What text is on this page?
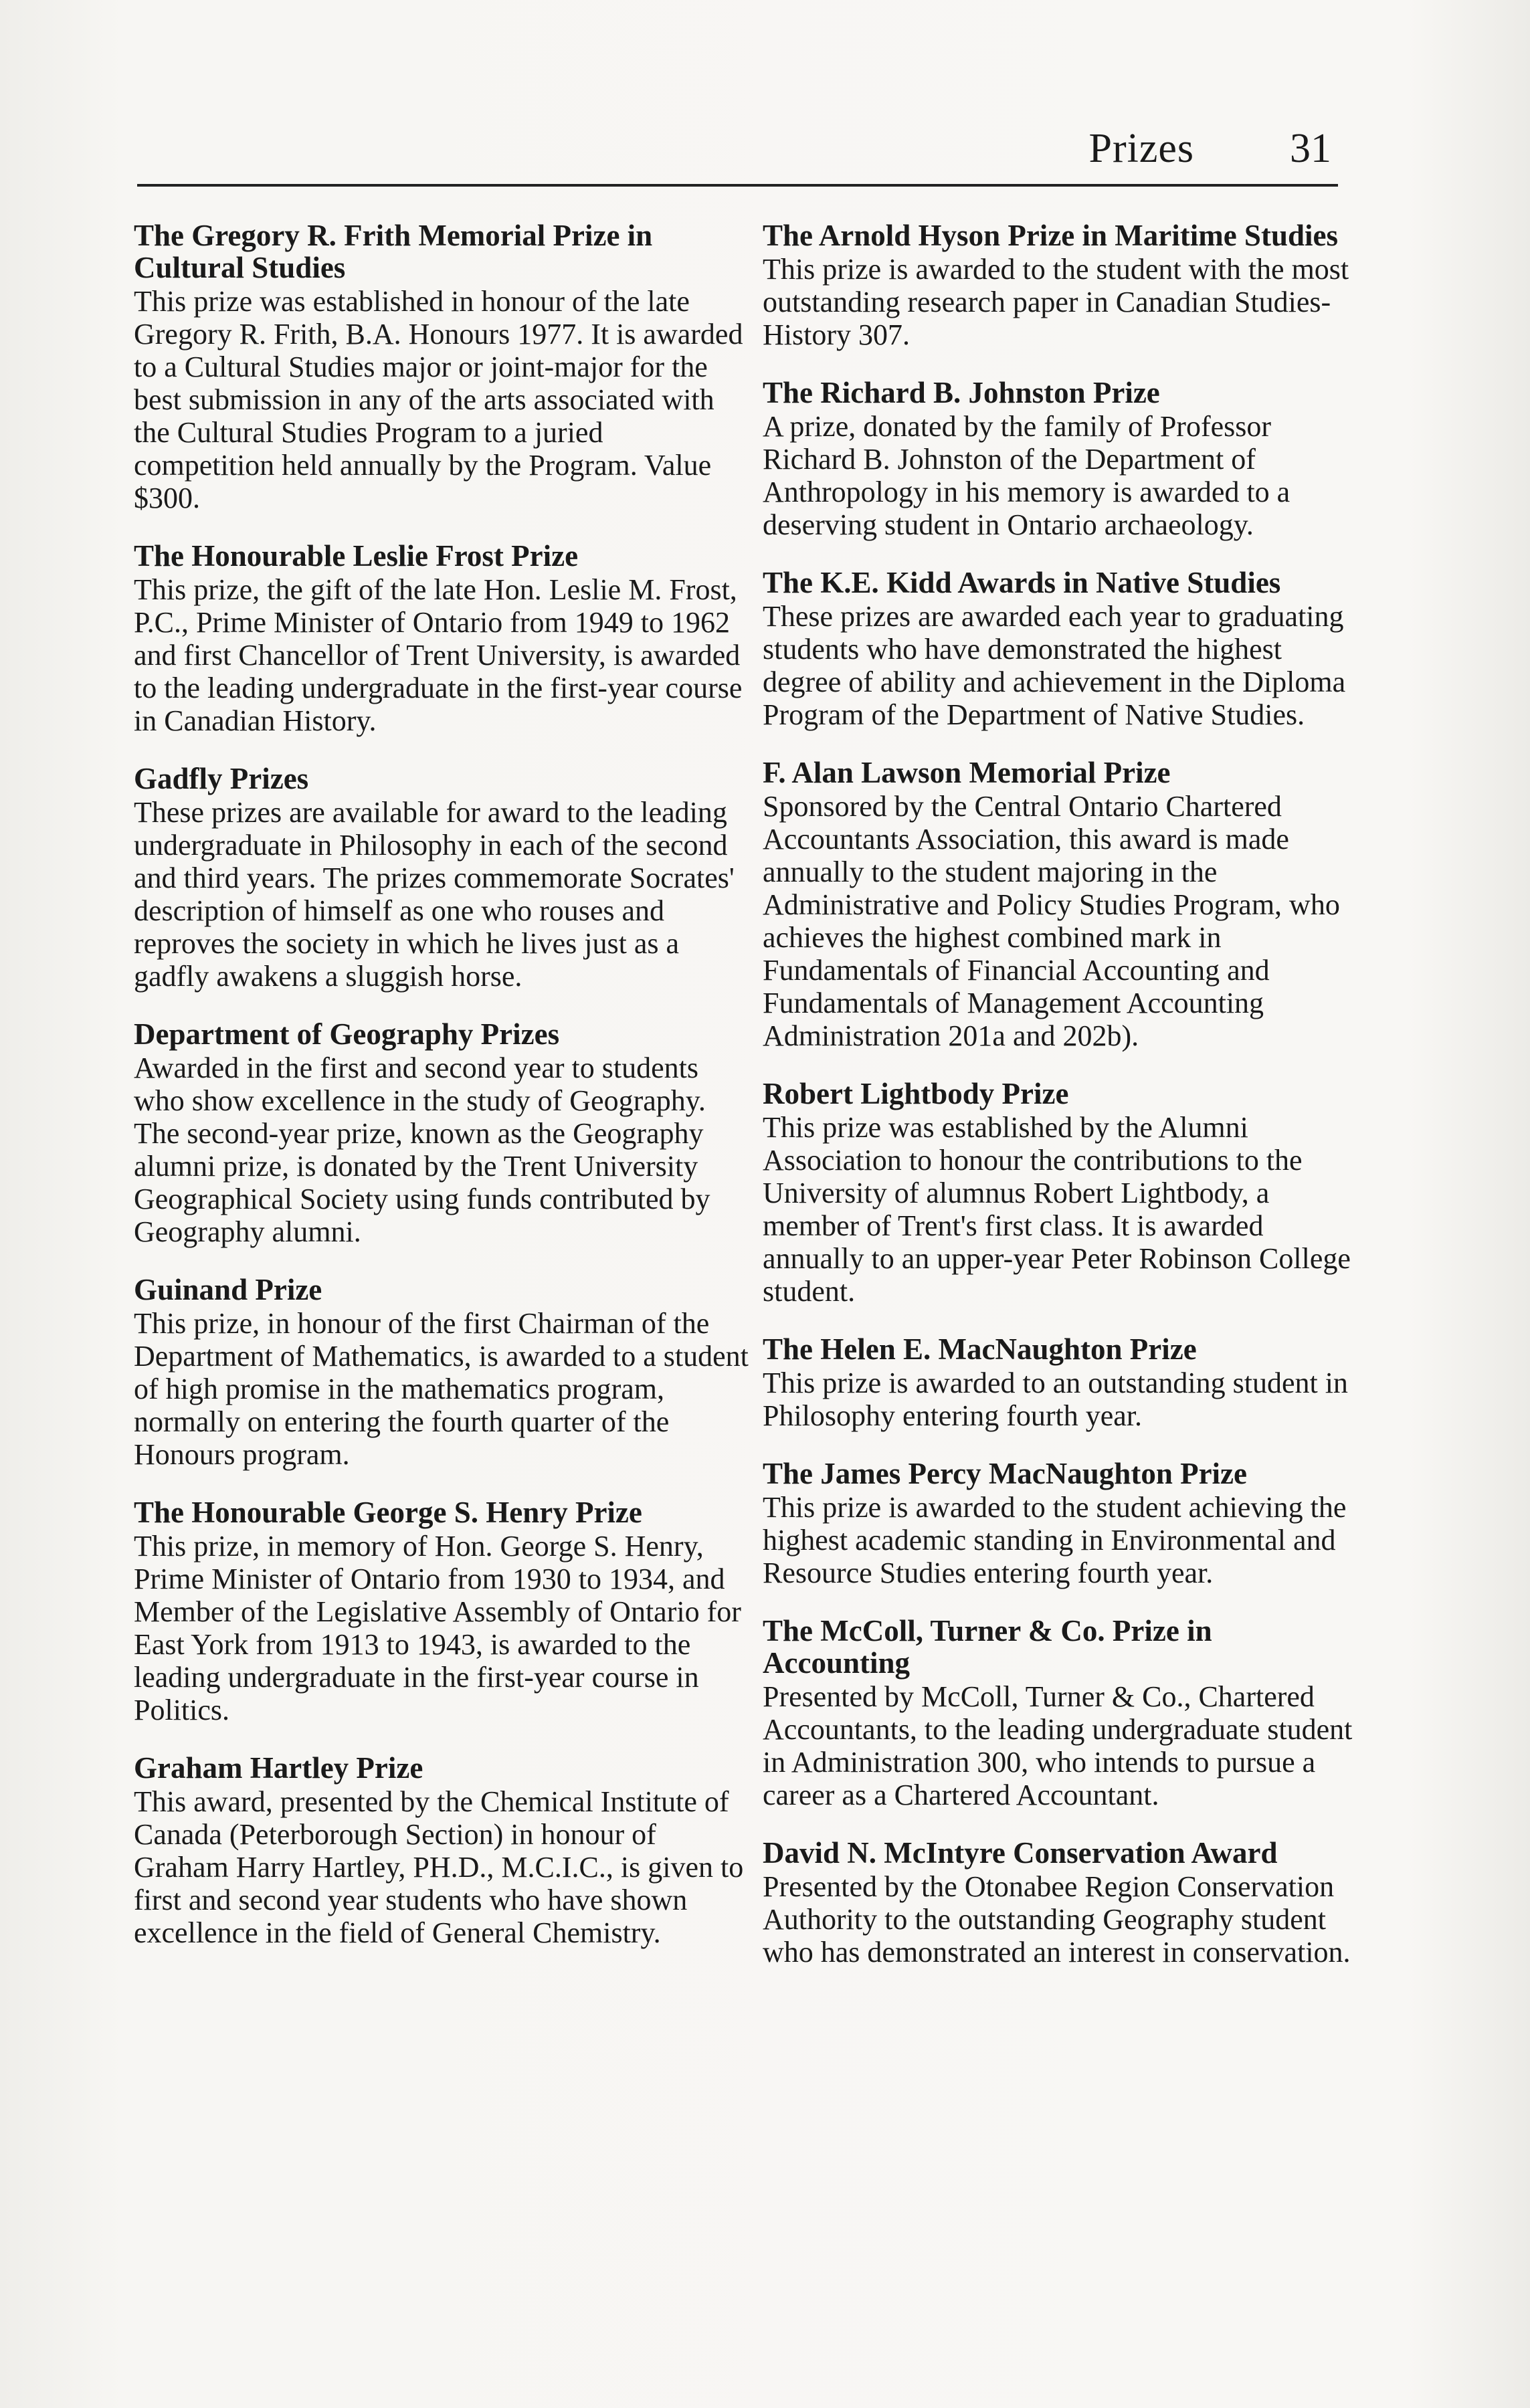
Prizes 31
The Gregory R. Frith Memorial Prize in Cultural Studies

This prize was established in honour of the late Gregory R. Frith, B.A. Honours 1977. It is awarded to a Cultural Studies major or joint-major for the best submission in any of the arts associated with the Cultural Studies Program to a juried competition held annually by the Program. Value $300.

The Honourable Leslie Frost Prize

This prize, the gift of the late Hon. Leslie M. Frost, P.C., Prime Minister of Ontario from 1949 to 1962 and first Chancellor of Trent University, is awarded to the leading undergraduate in the first-year course in Canadian History.

Gadfly Prizes

These prizes are available for award to the leading undergraduate in Philosophy in each of the second and third years. The prizes commemorate Socrates' description of himself as one who rouses and reproves the society in which he lives just as a gadfly awakens a sluggish horse.

Department of Geography Prizes

Awarded in the first and second year to students who show excellence in the study of Geography. The second-year prize, known as the Geography alumni prize, is donated by the Trent University Geographical Society using funds contributed by Geography alumni.

Guinand Prize

This prize, in honour of the first Chairman of the Department of Mathematics, is awarded to a student of high promise in the mathematics program, normally on entering the fourth quarter of the Honours program.

The Honourable George S. Henry Prize

This prize, in memory of Hon. George S. Henry, Prime Minister of Ontario from 1930 to 1934, and Member of the Legislative Assembly of Ontario for East York from 1913 to 1943, is awarded to the leading undergraduate in the first-year course in Politics.

Graham Hartley Prize

This award, presented by the Chemical Institute of Canada (Peterborough Section) in honour of Graham Harry Hartley, PH.D., M.C.I.C., is given to first and second year students who have shown excellence in the field of General Chemistry.

The Arnold Hyson Prize in Maritime Studies

This prize is awarded to the student with the most outstanding research paper in Canadian Studies-History 307.

The Richard B. Johnston Prize

A prize, donated by the family of Professor Richard B. Johnston of the Department of Anthropology in his memory is awarded to a deserving student in Ontario archaeology.

The K.E. Kidd Awards in Native Studies

These prizes are awarded each year to graduating students who have demonstrated the highest degree of ability and achievement in the Diploma Program of the Department of Native Studies.

F. Alan Lawson Memorial Prize

Sponsored by the Central Ontario Chartered Accountants Association, this award is made annually to the student majoring in the Administrative and Policy Studies Program, who achieves the highest combined mark in Fundamentals of Financial Accounting and Fundamentals of Management Accounting Administration 201a and 202b).

Robert Lightbody Prize

This prize was established by the Alumni Association to honour the contributions to the University of alumnus Robert Lightbody, a member of Trent's first class. It is awarded annually to an upper-year Peter Robinson College student.

The Helen E. MacNaughton Prize

This prize is awarded to an outstanding student in Philosophy entering fourth year.

The James Percy MacNaughton Prize

This prize is awarded to the student achieving the highest academic standing in Environmental and Resource Studies entering fourth year.

The McColl, Turner & Co. Prize in Accounting

Presented by McColl, Turner & Co., Chartered Accountants, to the leading undergraduate student in Administration 300, who intends to pursue a career as a Chartered Accountant.

David N. McIntyre Conservation Award

Presented by the Otonabee Region Conservation Authority to the outstanding Geography student who has demonstrated an interest in conservation.
